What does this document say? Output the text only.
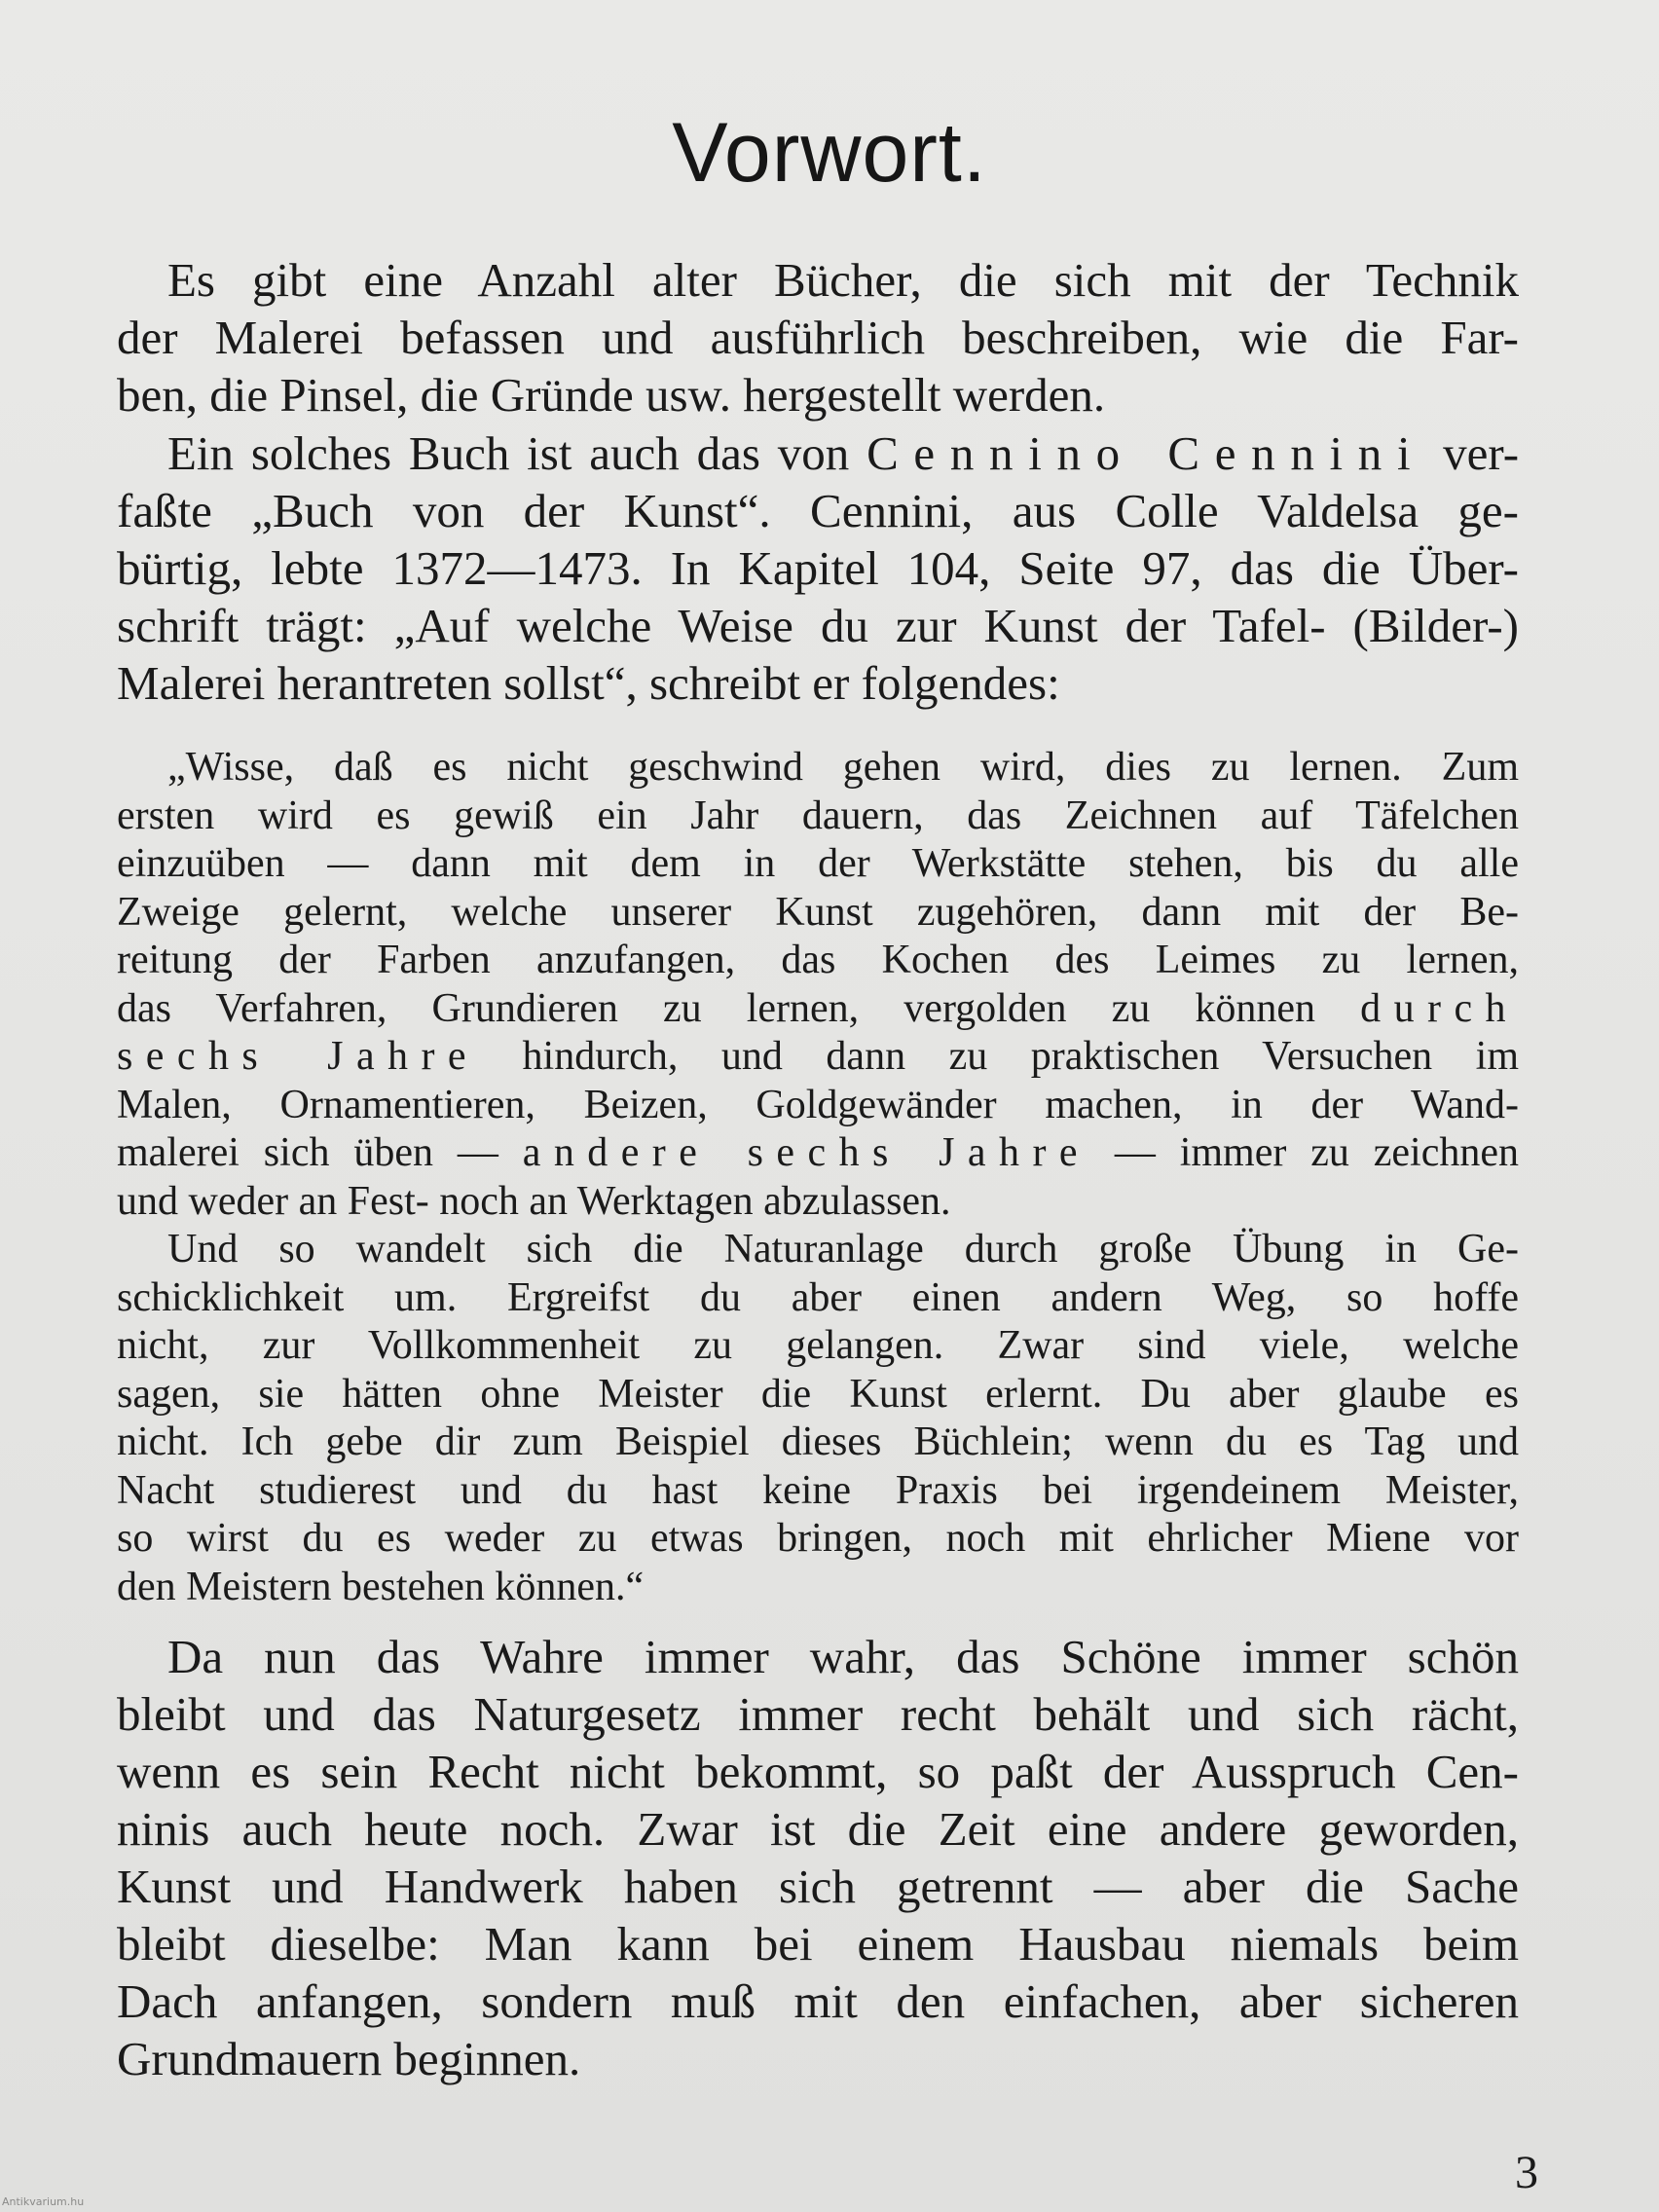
Vorwort.
Es gibt eine Anzahl alter Bücher, die sich mit der Technik
der Malerei befassen und ausführlich beschreiben, wie die Far-
ben, die Pinsel, die Gründe usw. hergestellt werden.
Ein solches Buch ist auch das von Cennino Cennini ver-
faßte „Buch von der Kunst“. Cennini, aus Colle Valdelsa ge-
bürtig, lebte 1372—1473. In Kapitel 104, Seite 97, das die Über-
schrift trägt: „Auf welche Weise du zur Kunst der Tafel- (Bilder-)
Malerei herantreten sollst“, schreibt er folgendes:
„Wisse, daß es nicht geschwind gehen wird, dies zu lernen. Zum
ersten wird es gewiß ein Jahr dauern, das Zeichnen auf Täfelchen
einzuüben — dann mit dem in der Werkstätte stehen, bis du alle
Zweige gelernt, welche unserer Kunst zugehören, dann mit der Be-
reitung der Farben anzufangen, das Kochen des Leimes zu lernen,
das Verfahren, Grundieren zu lernen, vergolden zu können durch
sechs Jahre hindurch, und dann zu praktischen Versuchen im
Malen, Ornamentieren, Beizen, Goldgewänder machen, in der Wand-
malerei sich üben — andere sechs Jahre — immer zu zeichnen
und weder an Fest- noch an Werktagen abzulassen.
Und so wandelt sich die Naturanlage durch große Übung in Ge-
schicklichkeit um. Ergreifst du aber einen andern Weg, so hoffe
nicht, zur Vollkommenheit zu gelangen. Zwar sind viele, welche
sagen, sie hätten ohne Meister die Kunst erlernt. Du aber glaube es
nicht. Ich gebe dir zum Beispiel dieses Büchlein; wenn du es Tag und
Nacht studierest und du hast keine Praxis bei irgendeinem Meister,
so wirst du es weder zu etwas bringen, noch mit ehrlicher Miene vor
den Meistern bestehen können.“
Da nun das Wahre immer wahr, das Schöne immer schön
bleibt und das Naturgesetz immer recht behält und sich rächt,
wenn es sein Recht nicht bekommt, so paßt der Ausspruch Cen-
ninis auch heute noch. Zwar ist die Zeit eine andere geworden,
Kunst und Handwerk haben sich getrennt — aber die Sache
bleibt dieselbe: Man kann bei einem Hausbau niemals beim
Dach anfangen, sondern muß mit den einfachen, aber sicheren
Grundmauern beginnen.
3
Antikvarium.hu
